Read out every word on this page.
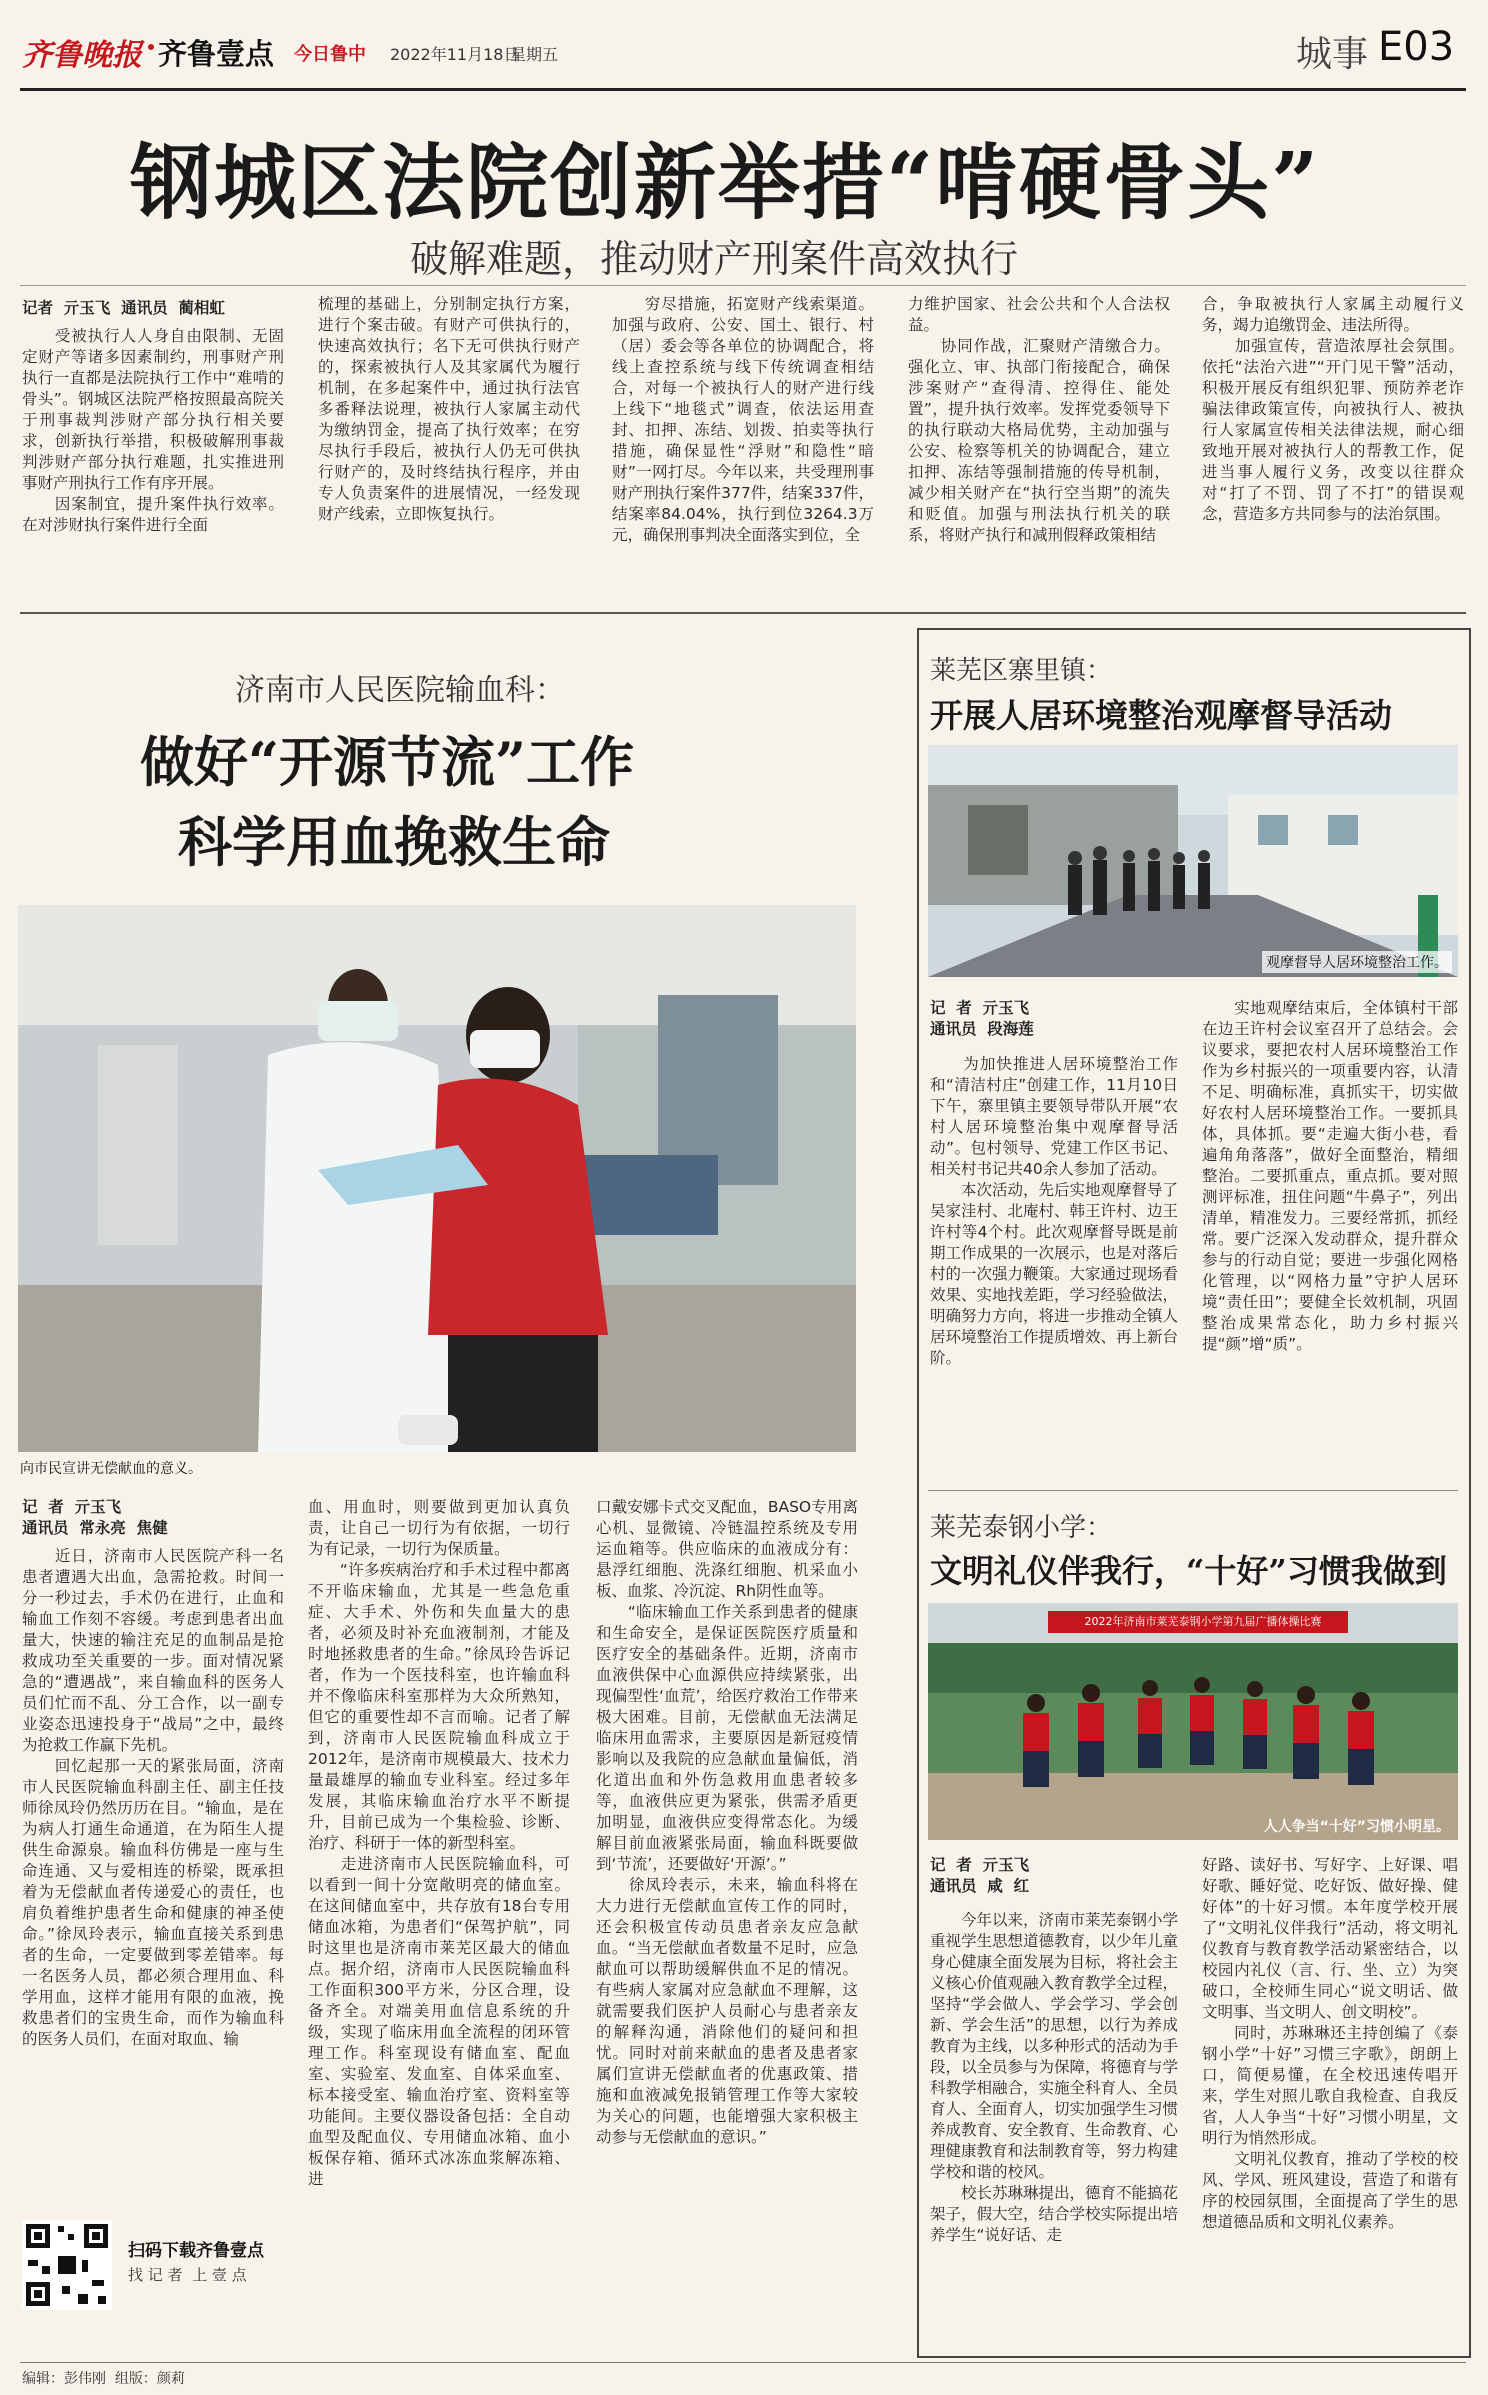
齐鲁晚报 齐鲁壹点 今日鲁中 2022年11月18日
星期五	城事 E03
钢城区法院创新举措“啃硬骨头”
破解难题，推动财产刑案件高效执行
记者  亓玉飞  通讯员  蔺相虹
　　受被执行人人身自由限制、无固定财产等诸多因素制约，刑事财产刑执行一直都是法院执行工作中“难啃的骨头”。钢城区法院严格按照最高院关于刑事裁判涉财产部分执行相关要求，创新执行举措，积极破解刑事裁判涉财产部分执行难题，扎实推进刑事财产刑执行工作有序开展。
　　因案制宜，提升案件执行效率。在对涉财执行案件进行全面
梳理的基础上，分别制定执行方案，进行个案击破。有财产可供执行的，快速高效执行；名下无可供执行财产的，探索被执行人及其家属代为履行机制，在多起案件中，通过执行法官多番释法说理，被执行人家属主动代为缴纳罚金，提高了执行效率；在穷尽执行手段后，被执行人仍无可供执行财产的，及时终结执行程序，并由专人负责案件的进展情况，一经发现财产线索，立即恢复执行。
　　穷尽措施，拓宽财产线索渠道。加强与政府、公安、国土、银行、村（居）委会等各单位的协调配合，将线上查控系统与线下传统调查相结合，对每一个被执行人的财产进行线上线下“地毯式”调查，依法运用查封、扣押、冻结、划拨、拍卖等执行措施，确保显性“浮财”和隐性“暗财”一网打尽。今年以来，共受理刑事财产刑执行案件377件，结案337件，结案率84.04%，执行到位3264.3万元，确保刑事判决全面落实到位，全
力维护国家、社会公共和个人合法权益。
　　协同作战，汇聚财产清缴合力。强化立、审、执部门衔接配合，确保涉案财产“查得清、控得住、能处置”，提升执行效率。发挥党委领导下的执行联动大格局优势，主动加强与公安、检察等机关的协调配合，建立扣押、冻结等强制措施的传导机制，减少相关财产在“执行空当期”的流失和贬值。加强与刑法执行机关的联系，将财产执行和减刑假释政策相结
合，争取被执行人家属主动履行义务，竭力追缴罚金、违法所得。
　　加强宣传，营造浓厚社会氛围。依托“法治六进”“开门见干警”活动，积极开展反有组织犯罪、预防养老诈骗法律政策宣传，向被执行人、被执行人家属宣传相关法律法规，耐心细致地开展对被执行人的帮教工作，促进当事人履行义务，改变以往群众对“打了不罚、罚了不打”的错误观念，营造多方共同参与的法治氛围。
济南市人民医院输血科：
做好“开源节流”工作
科学用血挽救生命
向市民宣讲无偿献血的意义。
记  者  亓玉飞
通讯员  常永亮  焦健
　　近日，济南市人民医院产科一名患者遭遇大出血，急需抢救。时间一分一秒过去，手术仍在进行，止血和输血工作刻不容缓。考虑到患者出血量大，快速的输注充足的血制品是抢救成功至关重要的一步。面对情况紧急的“遭遇战”，来自输血科的医务人员们忙而不乱、分工合作，以一副专业姿态迅速投身于“战局”之中，最终为抢救工作赢下先机。
　　回忆起那一天的紧张局面，济南市人民医院输血科副主任、副主任技师徐凤玲仍然历历在目。“输血，是在为病人打通生命通道，在为陌生人提供生命源泉。输血科仿佛是一座与生命连通、又与爱相连的桥梁，既承担着为无偿献血者传递爱心的责任，也肩负着维护患者生命和健康的神圣使命。”徐凤玲表示，输血直接关系到患者的生命，一定要做到零差错率。每一名医务人员，都必须合理用血、科学用血，这样才能用有限的血液，挽救患者们的宝贵生命，而作为输血科的医务人员们，在面对取血、输
血、用血时，则要做到更加认真负责，让自己一切行为有依据，一切行为有记录，一切行为保质量。
　　“许多疾病治疗和手术过程中都离不开临床输血，尤其是一些急危重症、大手术、外伤和失血量大的患者，必须及时补充血液制剂，才能及时地拯救患者的生命。”徐凤玲告诉记者，作为一个医技科室，也许输血科并不像临床科室那样为大众所熟知，但它的重要性却不言而喻。记者了解到，济南市人民医院输血科成立于2012年，是济南市规模最大、技术力量最雄厚的输血专业科室。经过多年发展，其临床输血治疗水平不断提升，目前已成为一个集检验、诊断、治疗、科研于一体的新型科室。
　　走进济南市人民医院输血科，可以看到一间十分宽敞明亮的储血室。在这间储血室中，共存放有18台专用储血冰箱，为患者们“保驾护航”，同时这里也是济南市莱芜区最大的储血点。据介绍，济南市人民医院输血科工作面积300平方米，分区合理，设备齐全。对端美用血信息系统的升级，实现了临床用血全流程的闭环管理工作。科室现设有储血室、配血室、实验室、发血室、自体采血室、标本接受室、输血治疗室、资料室等功能间。主要仪器设备包括：全自动血型及配血仪、专用储血冰箱、血小板保存箱、循环式冰冻血浆解冻箱、进
口戴安娜卡式交叉配血，BASO专用离心机、显微镜、冷链温控系统及专用运血箱等。供应临床的血液成分有：悬浮红细胞、洗涤红细胞、机采血小板、血浆、冷沉淀、Rh阴性血等。
　　“临床输血工作关系到患者的健康和生命安全，是保证医院医疗质量和医疗安全的基础条件。近期，济南市血液供保中心血源供应持续紧张，出现偏型性‘血荒’，给医疗救治工作带来极大困难。目前，无偿献血无法满足临床用血需求，主要原因是新冠疫情影响以及我院的应急献血量偏低，消化道出血和外伤急救用血患者较多等，血液供应更为紧张，供需矛盾更加明显，血液供应变得常态化。为缓解目前血液紧张局面，输血科既要做到‘节流’，还要做好‘开源’。”
　　徐凤玲表示，未来，输血科将在大力进行无偿献血宣传工作的同时，还会积极宣传动员患者亲友应急献血。“当无偿献血者数量不足时，应急献血可以帮助缓解供血不足的情况。有些病人家属对应急献血不理解，这就需要我们医护人员耐心与患者亲友的解释沟通，消除他们的疑问和担忧。同时对前来献血的患者及患者家属们宣讲无偿献血者的优惠政策、措施和血液减免报销管理工作等大家较为关心的问题，也能增强大家积极主动参与无偿献血的意识。”
扫码下载齐鲁壹点
找 记 者  上 壹 点
编辑：彭伟刚  组版：颜莉
莱芜区寨里镇：
开展人居环境整治观摩督导活动
观摩督导人居环境整治工作。
记  者  亓玉飞
通讯员  段海莲
　　为加快推进人居环境整治工作和“清洁村庄”创建工作，11月10日下午，寨里镇主要领导带队开展“农村人居环境整治集中观摩督导活动”。包村领导、党建工作区书记、相关村书记共40余人参加了活动。
　　本次活动，先后实地观摩督导了吴家洼村、北庵村、韩王许村、边王许村等4个村。此次观摩督导既是前期工作成果的一次展示，也是对落后村的一次强力鞭策。大家通过现场看效果、实地找差距，学习经验做法，明确努力方向，将进一步推动全镇人居环境整治工作提质增效、再上新台阶。
　　实地观摩结束后，全体镇村干部在边王许村会议室召开了总结会。会议要求，要把农村人居环境整治工作作为乡村振兴的一项重要内容，认清不足、明确标准，真抓实干，切实做好农村人居环境整治工作。一要抓具体，具体抓。要“走遍大街小巷，看遍角角落落”，做好全面整治，精细整治。二要抓重点，重点抓。要对照测评标准，扭住问题“牛鼻子”，列出清单，精准发力。三要经常抓，抓经常。要广泛深入发动群众，提升群众参与的行动自觉；要进一步强化网格化管理，以“网格力量”守护人居环境“责任田”；要健全长效机制，巩固整治成果常态化，助力乡村振兴提“颜”增“质”。
莱芜泰钢小学：
文明礼仪伴我行，“十好”习惯我做到
2022年济南市莱芜泰钢小学第九届广播体操比赛
人人争当“十好”习惯小明星。
记  者  亓玉飞
通讯员  咸  红
　　今年以来，济南市莱芜泰钢小学重视学生思想道德教育，以少年儿童身心健康全面发展为目标，将社会主义核心价值观融入教育教学全过程，坚持“学会做人、学会学习、学会创新、学会生活”的思想，以行为养成教育为主线，以多种形式的活动为手段，以全员参与为保障，将德育与学科教学相融合，实施全科育人、全员育人、全面育人，切实加强学生习惯养成教育、安全教育、生命教育、心理健康教育和法制教育等，努力构建学校和谐的校风。
　　校长苏琳琳提出，德育不能搞花架子，假大空，结合学校实际提出培养学生“说好话、走
好路、读好书、写好字、上好课、唱好歌、睡好觉、吃好饭、做好操、健好体”的十好习惯。本年度学校开展了“文明礼仪伴我行”活动，将文明礼仪教育与教育教学活动紧密结合，以校园内礼仪（言、行、坐、立）为突破口，全校师生同心“说文明话、做文明事、当文明人、创文明校”。
　　同时，苏琳琳还主持创编了《泰钢小学“十好”习惯三字歌》，朗朗上口，简便易懂，在全校迅速传唱开来，学生对照儿歌自我检查、自我反省，人人争当“十好”习惯小明星，文明行为悄然形成。
　　文明礼仪教育，推动了学校的校风、学风、班风建设，营造了和谐有序的校园氛围，全面提高了学生的思想道德品质和文明礼仪素养。
